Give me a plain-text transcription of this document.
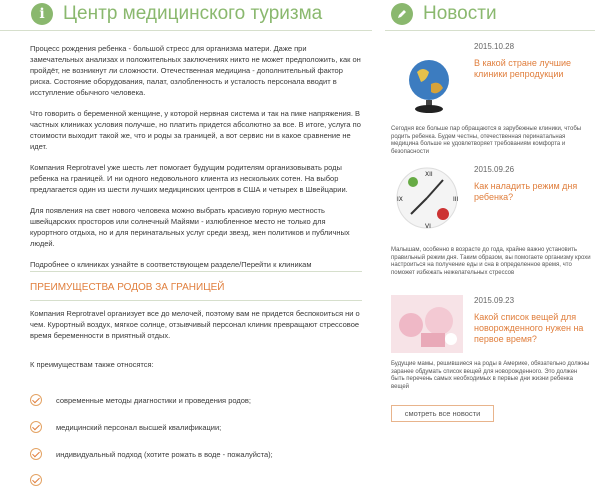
i Центр медицинского туризма

Процесс рождения ребенка - большой стресс для организма матери. Даже при замечательных анализах и положительных заключениях никто не может предположить, как он пройдёт, не возникнут ли сложности. Отечественная медицина - дополнительный фактор риска. Состояние оборудования, палат, озлобленность и усталость персонала вводит в исступление обычного человека.

Что говорить о беременной женщине, у которой нервная система и так на пике напряжения. В частных клиниках условия получше, но платить придется абсолютно за все. В итоге, услуга по стоимости выходит такой же, что и роды за границей, а вот сервис ни в какое сравнение не идет.

Компания Reprotravel уже шесть лет помогает будущим родителям организовывать роды ребенка на границей. И ни одного недовольного клиента из нескольких сотен. На выбор предлагается один из шести лучших медицинских центров в США и четырех в Швейцарии.

Для появления на свет нового человека можно выбрать красивую горную местность швейцарских просторов или солнечный Майями - излюбленное место не только для курортного отдыха, но и для перинатальных услуг среди звезд, жен политиков и публичных людей.

Подробнее о клиниках узнайте в соответствующем разделе/Перейти к клиникам

ПРЕИМУЩЕСТВА РОДОВ ЗА ГРАНИЦЕЙ

Компания Reprotravel организует все до мелочей, поэтому вам не придется беспокоиться ни о чем. Курортный воздух, мягкое солнце, отзывчивый персонал клиник превращают стрессовое время беременности в приятный отдых.

К преимуществам также относятся:

современные методы диагностики и проведения родов;
медицинский персонал высшей квалификации;
индивидуальный подход (хотите рожать в воде - пожалуйста);
Новости
2015.10.28
В какой стране лучшие клиники репродукции
Сегодня все больше пар обращаются в зарубежные клиники, чтобы родить ребенка. Будем честны, отечественная перинатальная медицина больше не удовлетворяет требованиям комфорта и безопасности
XII
III
VI
IX
2015.09.26
Как наладить режим дня ребенка?
Малышам, особенно в возрасте до года, крайне важно установить правильный режим дня. Таким образом, вы помогаете организму крохи настроиться на получение еды и сна в определенное время, что поможет избежать нежелательных стрессов
2015.09.23
Какой список вещей для новорожденного нужен на первое время?
Будущие мамы, решившиеся на роды в Америке, обязательно должны заранее обдумать список вещей для новорожденного. Это должен быть перечень самых необходимых в первые дни жизни ребенка вещей
смотреть все новости
